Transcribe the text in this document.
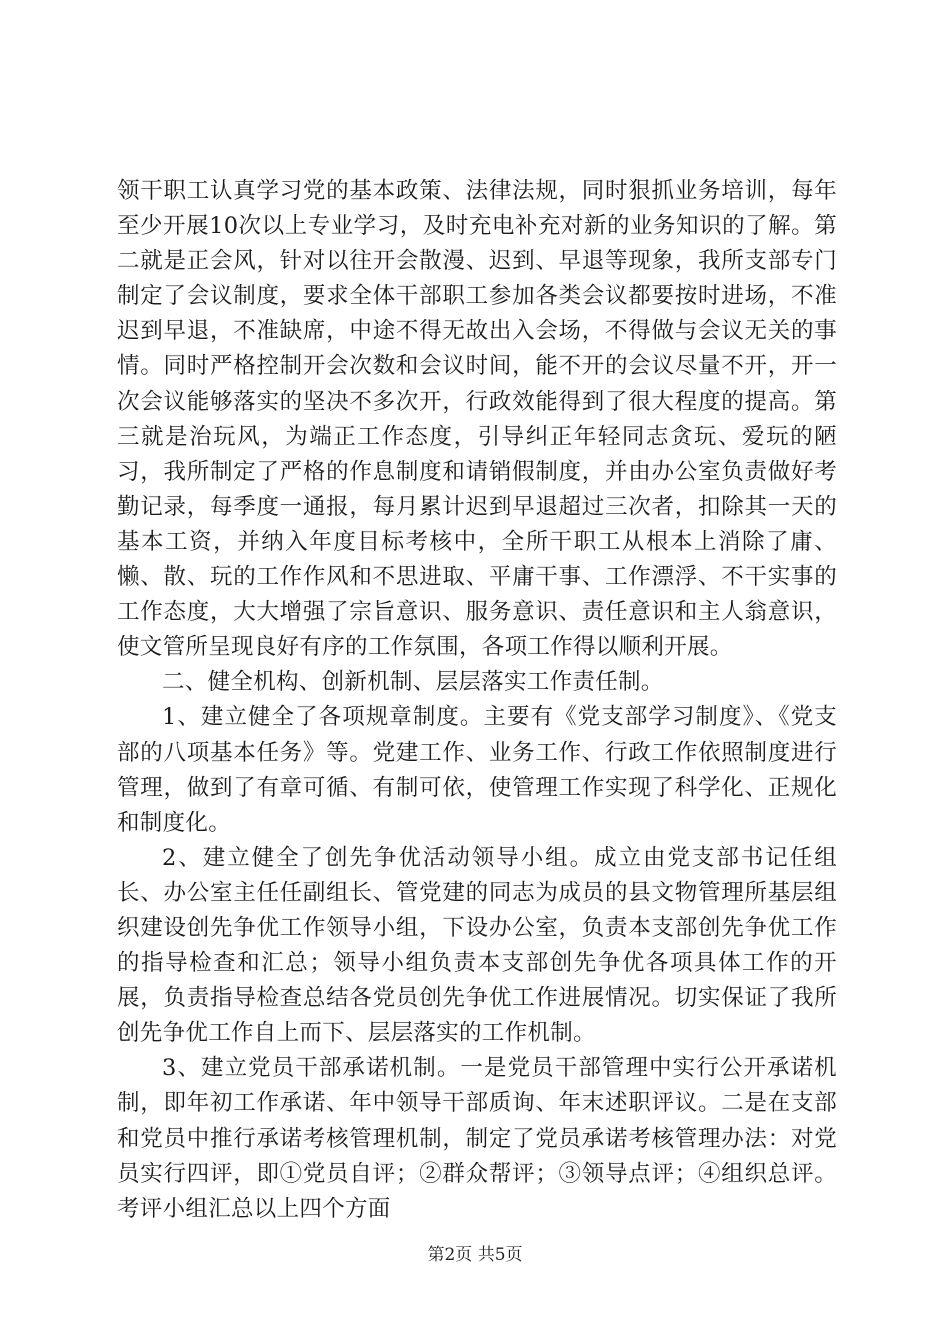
领干职工认真学习党的基本政策、法律法规，同时狠抓业务培训，每年至少开展10次以上专业学习，及时充电补充对新的业务知识的了解。第二就是正会风，针对以往开会散漫、迟到、早退等现象，我所支部专门制定了会议制度，要求全体干部职工参加各类会议都要按时进场，不准迟到早退，不准缺席，中途不得无故出入会场，不得做与会议无关的事情。同时严格控制开会次数和会议时间，能不开的会议尽量不开，开一次会议能够落实的坚决不多次开，行政效能得到了很大程度的提高。第三就是治玩风，为端正工作态度，引导纠正年轻同志贪玩、爱玩的陋习，我所制定了严格的作息制度和请销假制度，并由办公室负责做好考勤记录，每季度一通报，每月累计迟到早退超过三次者，扣除其一天的基本工资，并纳入年度目标考核中，全所干职工从根本上消除了庸、懒、散、玩的工作作风和不思进取、平庸干事、工作漂浮、不干实事的工作态度，大大增强了宗旨意识、服务意识、责任意识和主人翁意识，使文管所呈现良好有序的工作氛围，各项工作得以顺利开展。

二、健全机构、创新机制、层层落实工作责任制。

1、建立健全了各项规章制度。主要有《党支部学习制度》、《党支部的八项基本任务》等。党建工作、业务工作、行政工作依照制度进行管理，做到了有章可循、有制可依，使管理工作实现了科学化、正规化和制度化。

2、建立健全了创先争优活动领导小组。成立由党支部书记任组长、办公室主任任副组长、管党建的同志为成员的县文物管理所基层组织建设创先争优工作领导小组，下设办公室，负责本支部创先争优工作的指导检查和汇总；领导小组负责本支部创先争优各项具体工作的开展，负责指导检查总结各党员创先争优工作进展情况。切实保证了我所创先争优工作自上而下、层层落实的工作机制。

3、建立党员干部承诺机制。一是党员干部管理中实行公开承诺机制，即年初工作承诺、年中领导干部质询、年末述职评议。二是在支部和党员中推行承诺考核管理机制，制定了党员承诺考核管理办法：对党员实行四评，即①党员自评；②群众帮评；③领导点评；④组织总评。考评小组汇总以上四个方面

第2页 共5页
